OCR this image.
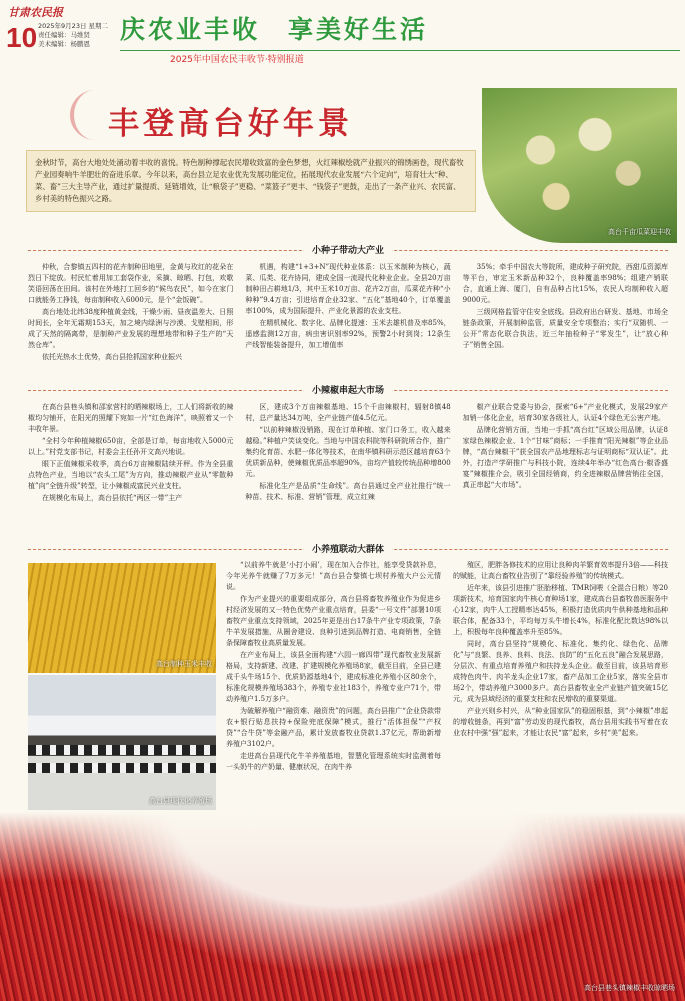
甘肃农民报
10 2025年9月23日 星期二
责任编辑：马维贤
美术编辑：杨鹏恩	庆农业丰收 享美好生活
2025年中国农民丰收节·特别报道
丰登高台好年景
金秋时节，高台大地处处涌动着丰收的喜悦。特色制种撑起农民增收致富的金色梦想，火红辣椒绘就产业振兴的锦绣画卷，现代畜牧产业园奏响牛羊肥壮的奋进乐章。今年以来，高台县立足农业优先发展功能定位，拓展现代农业发展“六个定向”，培育壮大“种、菜、畜”三大主导产业，通过扩量提质、延链增效，让“粮袋子”更稳、“菜篮子”更丰、“钱袋子”更鼓，走出了一条产业兴、农民富、乡村美的特色振兴之路。
高台千亩瓜菜迎丰收
小种子带动大产业

仲秋，合黎镇五四村的花卉制种田地里，金黄与玫红的花朵在烈日下绽放。村民忙着用加工套袋作业，采摘、晾晒、打包，欢歌笑语回荡在田间。该村在外地打工回乡的“候鸟农民”，如今在家门口就能务工挣钱，每亩制种收入6000元，是个“金饭碗”。

高台地处北纬38度种植黄金线，干燥少雨、昼夜温差大、日照时间长，全年无霜期153天，加之境内绿洲与沙漠、戈壁相间，形成了天然的隔离带，是制种产业发展的理想地带和种子生产的“天然仓库”。

依托光热水土优势，高台县抢抓国家种业振兴

机遇，构建“1+3+N”现代种业体系：以玉米制种为核心，蔬菜、瓜类、花卉协同，建成全国一流现代化种业企业。全县20万亩制种田占耕地1/3，其中玉米10万亩、花卉2万亩，瓜菜花卉种“小种种”9.4万亩；引进培育企业32家、“五化”基地40个，订单覆盖率100%，成为国际提升、产业化景源的农业支柱。

在精机械化、数字化、品牌化提速：玉米去雄机普及率85%，遥感监测12万亩，病虫害识别率92%，预警2小时到岗；12条生产线智能装备提升，加工增值率

35%；牵手中国农大等院所，建成种子研究院，西甜瓜资源库等平台，审定玉米新品种32个，良种覆盖率98%；组建产销联合，直通上海、厦门，自有品种占比15%，农民人均制种收入超9000元。

三级网格监管守住安全底线。县政府出台研发、基地、市场全链条政策，开展制种监管，质量安全专项整治；实行“双随机、一公开”常态化联合执法，近三年抽检种子“零发生”，让“放心种子”销售全国。

小辣椒串起大市场

在高台县巷头镇和邵家营村的晒辣椒场上，工人们将新收的辣椒均匀铺开，在阳光的照耀下宛如一片“红色海洋”，映照着又一个丰收年景。

“全村今年种植辣椒650亩，全部是订单，每亩地收入5000元以上。”村党支部书记，村委会主任孙开文高兴地说。

眼下正值辣椒采收季，高台6万亩辣椒陆续开秤。作为全县重点特色产业，当地以“农头工尾”为方向，推动辣椒产业从“零散种植”向“全链升级”转型，让小辣椒成富民兴业支柱。

在规模化布局上，高台县依托“两区一带”主产

区，建成3个万亩辣椒基地、15个千亩辣椒村，辐射8镇48村，总产量达34万吨，全产业链产值4.5亿元。

“以前种辣椒没销路，现在订单种植、家门口务工，收入越来越稳。”种植户笑谈变化。当地与中国农科院等科研院所合作，推广集约化育苗、水肥一体化等技术，在南华镇科研示范区越培育63个优质新品种，使辣椒优质品率超90%，亩均产值较传统品种增800元。

标准化生产是品质“生命线”。高台县通过全产业社推行“统一种苗、技术、标准、营销”管理，成立红辣

椒产业联合党委与协会，探索“6+”产业化模式，发展29家产加销一体化企业，培育30家各级社人，认证4个绿色无公害产地。

品牌化营销方面，当地一手抓“高台红”区域公用品牌，认证8家绿色辣椒企业、1个“甘味”商标；一手推育“阳光辣椒”等企业品牌，“高台辣椒干”获全国农产品地理标志与证明商标“双认证”。此外，打造产学研推广与科技小院，连续4年举办“红色高台·椒香盛宴”辣椒推介会，吸引全国经销商，约全进辣椒品牌营销往全国，真正串起“大市场”。

小养殖联动大群体
高台制种玉米丰收
高台县现代化养殖场

“以前养牛就是‘小打小闹’，现在加入合作社，能享受贷款补息，今年光养牛就赚了7万多元！”高台县合黎镇七坝村养殖大户公元情说。

作为产业提兴的重要组成部分，高台县将畜牧养殖业作为促进乡村经济发展的又一特色优势产业重点培育，县委“一号文件”部署10项畜牧产业重点支持领域，2025年更是出台17条牛产业专项政策，7条牛羊发展措施，从圈舍建设、良种引进到品牌打造、电商销售，全链条保障畜牧业高质量发展。

在产业布局上，该县全面构建“六园一廊四带”现代畜牧业发展新格局，支持新建、改建、扩建规模化养殖场8家，截至目前，全县已建成千头牛场15个、优质奶源基地4个，建成标准化养殖小区80余个，标准化规模养殖场383个，养殖专业社183个，养殖专业户71个，带动养殖户1.5万多户。

为破解养殖户“融资难、融资贵”的问题，高台县推广“企业贷款带农+银行贴息扶持+保险兜底保障”模式，推行“活体担保”“产权贷”“合牛贷”等金融产品，累计发放畜牧业贷款1.37亿元，帮助新增养殖户3102户。

走进高台县现代化牛羊养殖基地，智慧化管理系统实时监测着每一头奶牛的产奶量、健康状况，在肉牛养

殖区，肥胖各修技术的应用让良种肉羊繁育效率提升3倍——科技的赋能，让高台畜牧业告别了“靠经验养殖”的传统模式。

近年来，该县引进推广胚胎移植、TMR饲喂（全混合日粮）等20项新技术，培育国家肉牛核心育种场1家，建成高台县畜牧兽医服务中心12家，肉牛人工授精率达45%，积极打造优质肉牛供种基地和品种联合体，配备33个，平均每万头牛增长4%，标准化配比数达98%以上，积极每年良种覆盖率升至85%。

同时，高台县坚持“规模化、标准化、集约化、绿色化、品牌化”与“良繁、良养、良料、良法、良防”的“五化五良”融合发展思路，分层次、有重点培育养殖户和扶持龙头企业。截至目前，该县培育形成特色肉牛、肉羊龙头企业17家，畜产品加工企业5家，落实全县市场2个，带动养殖户3000多户。高台县畜牧业全产业链产值突破15亿元，成为县域经济的重要支柱和农民增收的重要渠道。

产业兴则乡村兴，从“种业国家队”的稳固根基，到“小辣椒”串起的增收链条，再到“富”劳动发的现代畜牧，高台县用实践书写着在农业农村中强“强”起来，才能让农民“富”起来，乡村“美”起来。

高台县巷头镇辣椒丰收晾晒场
